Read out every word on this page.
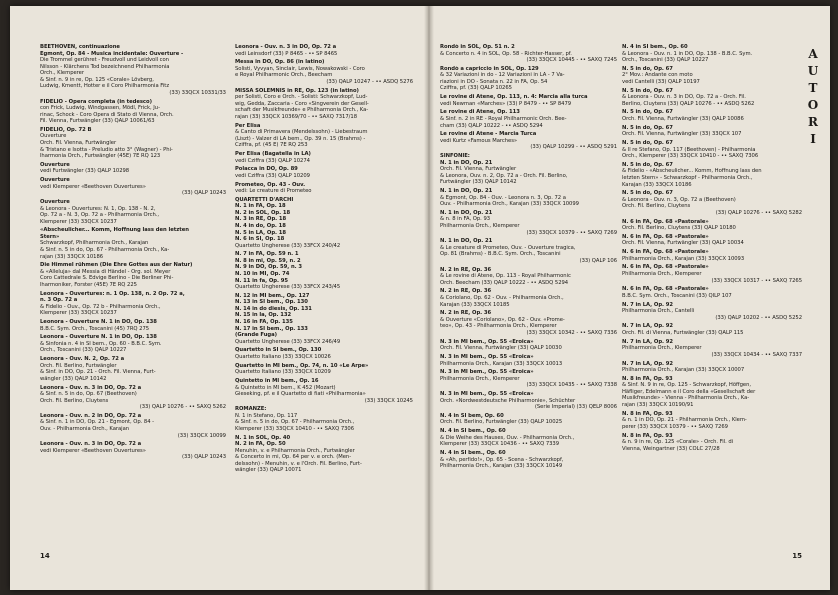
BEETHOVEN, continuazione
Egmont, Op. 84 - Musica incidentale: Ouverture -
Die Trommel gerühret - Freudvoll und Leidvoll con
Nilsson - Klärchens Tod bezeichnend Philharmonia
Orch., Klemperer
& Sinf. n. 9 in re, Op. 125 «Corale» Lövberg,
Ludwig, Kmentt, Hotter e il Coro Philharmonia Fitz
(33) 33QCX 10331/33
FIDELIO - Opera completa (in tedesco)
con Frick, Ludwig, Windgassen, Mödl, Frick, Ju-
rinac, Schock - Coro Opera di Stato di Vienna, Orch.
Fil. Vienna, Furtwängler (33) QALP 10061/63
FIDELIO, Op. 72 B
Ouverture
Orch. Fil. Vienna, Furtwängler
& Tristano e Isotta - Preludio atto 3° (Wagner) - Phi-
lharmonia Orch., Furtwängler (45E) 7E RQ 123
Ouverture
vedi Furtwängler (33) QALP 10298
Ouverture
vedi Klemperer «Beethoven Ouvertures»
(33) QALP 10243
Ouverture
& Leonora - Ouvertures: N. 1, Op. 138 - N. 2,
Op. 72 a - N. 3, Op. 72 a - Philharmonia Orch.,
Klemperer (33) 33QCX 10237
«Abscheulicher... Komm, Hoffnung lass den letzten
Stern»
Schwarzkopf, Philharmonia Orch., Karajan
& Sinf. n. 5 in do, Op. 67 - Philharmonia Orch., Ka-
rajan (33) 33QCX 10186
Die Himmel rühmen (Die Ehre Gottes aus der Natur)
& «Alleluja» dal Messia di Händel - Org. sol. Meyer
Coro Cattedrale S. Edvige Berlino - Die Berliner Phi-
lharmoniker, Forster (45E) 7E RQ 225
Leonora - Ouvertures: n. 1 Op. 138, n. 2 Op. 72 a,
n. 3 Op. 72 a
& Fidelio - Ouv., Op. 72 b - Philharmonia Orch.,
Klemperer (33) 33QCX 10237
Leonora - Ouverture N. 1 in DO, Op. 138
B.B.C. Sym. Orch., Toscanini (45) 7RQ 275
Leonora - Ouverture N. 1 in DO, Op. 138
& Sinfonia n. 4 in SI bem., Op. 60 - B.B.C. Sym.
Orch., Toscanini (33) QALP 10227
Leonora - Ouv. N. 2, Op. 72 a
Orch. Fil. Berlino, Furtwängler
& Sinf. in DO, Op. 21 - Orch. Fil. Vienna, Furt-
wängler (33) QALP 10142
Leonora - Ouv. n. 3 in DO, Op. 72 a
& Sinf. n. 5 in do, Op. 67 (Beethoven)
Orch. Fil. Berlino, Cluytens
(33) QALP 10276 - •• SAXQ 5262
Leonora - Ouv. n. 2 in DO, Op. 72 a
& Sinf. n. 1 in DO, Op. 21 - Egmont, Op. 84 -
Ouv. - Philharmonia Orch., Karajan
(33) 33QCX 10099
Leonora - Ouv. n. 3 in DO, Op. 72 a
vedi Klemperer «Beethoven Ouvertures»
(33) QALP 10243
Leonora - Ouv. n. 3 in DO, Op. 72 a
vedi Leinsdorf (33) P 8465 - •• SP 8465
Messa in DO, Op. 86 (in latino)
Solisti, Vyvyan, Sinclair, Lewis, Nowakowski - Coro
e Royal Philharmonic Orch., Beecham
(33) QALP 10247 - •• ASDQ 5276
MISSA SOLEMNIS in RE, Op. 123 (in latino)
per Solisti, Coro e Orch. - Solisti: Schwarzkopf, Lud-
wig, Gedda, Zaccaria - Coro «Singverein der Gesell-
schaft der Musikfreunde» e Philharmonia Orch., Ka-
rajan (33) 33QCX 10369/70 - •• SAXQ 7317/18
Per Elisa
& Canto di Primavera (Mendelssohn) - Liebestraum
(Liszt) - Valzer di LA bem., Op. 39 n. 15 (Brahms) -
Cziffra, pf. (45 E) 7E RQ 253
Per Elisa (Bagatella in LA)
vedi Cziffra (33) QALP 10274
Polacca in DO, Op. 89
vedi Cziffra (33) QALP 10209
Prometeo, Op. 43 - Ouv.
vedi: Le creature di Prometeo
QUARTETTI D'ARCHI
N. 1 in FA, Op. 18
N. 2 in SOL, Op. 18
N. 3 in RE, Op. 18
N. 4 in do, Op. 18
N. 5 in LA, Op. 18
N. 6 in SI, Op. 18
Quartetto Ungherese (33) 33FCX 240/42
N. 7 in FA, Op. 59 n. 1
N. 8 in mi, Op. 59, n. 2
N. 9 in DO, Op. 59, n. 3
N. 10 in MI, Op. 74
N. 11 in fa, Op. 95
Quartetto Ungherese (33) 33FCX 243/45
N. 12 in MI bem., Op. 127
N. 13 in SI bem., Op. 130
N. 14 in do diesis, Op. 131
N. 15 in la, Op. 132
N. 16 in FA, Op. 135
N. 17 in SI bem., Op. 133
(Grande Fuga)
Quartetto Ungherese (33) 33FCX 246/49
Quartetto in SI bem., Op. 130
Quartetto Italiano (33) 33QCX 10026
Quartetto in MI bem., Op. 74, n. 10 «Le Arpe»
Quartetto Italiano (33) 33QCX 10209
Quintetto in MI bem., Op. 16
& Quintetto in MI bem., K 452 (Mozart)
Gieseking, pf. e il Quartetto di fiati «Philharmonia»
(33) 33QCX 10245
ROMANZE:
N. 1 in Stefano, Op. 117
& Sinf. n. 5 in do, Op. 67 - Philharmonia Orch.,
Klemperer (33) 33QCX 10410 - •• SAXQ 7306
N. 1 in SOL, Op. 40
N. 2 in FA, Op. 50
Menuhin, v. e Philharmonia Orch., Furtwängler
& Concerto in mi, Op. 64 per v. e orch. (Men-
delssohn) - Menuhin, v. e l'Orch. Fil. Berlino, Furt-
wängler (33) QALP 10071
14
Rondò in SOL, Op. 51 n. 2
& Concerto n. 4 in SOL, Op. 58 - Richter-Hasser, pf.
(33) 33QCX 10445 - •• SAXQ 7245
Rondò a capriccio in SOL, Op. 129
& 32 Variazioni in do - 12 Variazioni in LA - 7 Va-
riazioni in DO - Sonata n. 22 in FA, Op. 54
Cziffra, pf. (33) QALP 10265
Le rovine di Atene, Op. 113, n. 4: Marcia alla turca
vedi Newman «Marches» (33) P 8479 - •• SP 8479
Le rovine di Atene, Op. 113
& Sinf. n. 2 in RE - Royal Philharmonic Orch. Bee-
cham (33) QALP 10222 - •• ASDQ 5294
Le rovine di Atene - Marcia Turca
vedi Kurtz «Famous Marches»
(33) QALP 10299 - •• ASDQ 5291
SINFONIE:
N. 1 in DO, Op. 21
Orch. Fil. Vienna, Furtwängler
& Leonora, Ouv. n. 2, Op. 72 a - Orch. Fil. Berlino,
Furtwängler (33) QALP 10142
N. 1 in DO, Op. 21
& Egmont, Op. 84 - Ouv. - Leonora n. 3, Op. 72 a
Ouv. - Philharmonia Orch., Karajan (33) 33QCX 10099
N. 1 in DO, Op. 21
& n. 8 in FA, Op. 93
Philharmonia Orch., Klemperer
(33) 33QCX 10379 - •• SAXQ 7269
N. 1 in DO, Op. 21
& Le creature di Prometeo, Ouv. - Ouverture tragica,
Op. 81 (Brahms) - B.B.C. Sym. Orch., Toscanini
(33) QALP 106
N. 2 in RE, Op. 36
& Le rovine di Atene, Op. 113 - Royal Philharmonic
Orch. Beecham (33) QALP 10222 - •• ASDQ 5294
N. 2 in RE, Op. 36
& Coriolano, Op. 62 - Ouv. - Philharmonia Orch.,
Karajan (33) 33QCX 10185
N. 2 in RE, Op. 36
& Ouverture «Coriolano», Op. 62 - Ouv. «Prome-
teo», Op. 43 - Philharmonia Orch., Klemperer
(33) 33QCX 10342 - •• SAXQ 7336
N. 3 in MI bem., Op. 55 «Eroica»
Orch. Fil. Vienna, Furtwängler (33) QALP 10030
N. 3 in MI bem., Op. 55 «Eroica»
Philharmonia Orch., Karajan (33) 33QCX 10013
N. 3 in MI bem., Op. 55 «Eroica»
Philharmonia Orch., Klemperer
(33) 33QCX 10435 - •• SAXQ 7338
N. 3 in MI bem., Op. 55 «Eroica»
Orch. «Nordwestdeutsche Philharmonie», Schüchter
(Serie Imperial) (33) QELP 8006
N. 4 in SI bem, Op. 60
Orch. Fil. Berlino, Furtwängler (33) QALP 10025
N. 4 in SI bem., Op. 60
& Die Weihe des Hauses, Ouv. - Philharmonia Orch.,
Klemperer (33) 33QCX 10436 - •• SAXQ 7339
N. 4 in SI bem., Op. 60
& «Ah, perfido!», Op. 65 - Scena - Schwarzkopf,
Philharmonia Orch., Karajan (33) 33QCX 10149
N. 4 in SI bem., Op. 60
& Leonora - Ouv. n. 1 in DO, Op. 138 - B.B.C. Sym.
Orch., Toscanini (33) QALP 10227
N. 5 in do, Op. 67
2° Mov.: Andante con moto
vedi Cantelli (33) QALP 10197
N. 5 in do, Op. 67
& Leonora - Ouv. n. 3 in DO, Op. 72 a - Orch. Fil.
Berlino, Cluytens (33) QALP 10276 - •• ASDQ 5262
N. 5 in do, Op. 67
Orch. Fil. Vienna, Furtwängler (33) QALP 10086
N. 5 in do, Op. 67
Orch. Fil. Vienna, Furtwängler (33) 33QCX 107
N. 5 in do, Op. 67
& Il re Stefano, Op. 117 (Beethoven) - Philharmonia
Orch., Klemperer (33) 33QCX 10410 - •• SAXQ 7306
N. 5 in do, Op. 67
& Fidelio - «Abscheulicher... Komm, Hoffnung lass den
letzten Stern» - Schwarzkopf - Philharmonia Orch.,
Karajan (33) 33QCX 10186
N. 5 in do, Op. 67
& Leonora - Ouv. n. 3, Op. 72 a (Beethoven)
Orch. Fil. Berlino, Cluytens
(33) QALP 10276 - •• SAXQ 5282
N. 6 in FA, Op. 68 «Pastorale»
Orch. Fil. Berlino, Cluytens (33) QALP 10180
N. 6 in FA, Op. 68 «Pastorale»
Orch. Fil. Vienna, Furtwängler (33) QALP 10034
N. 6 in FA, Op. 68 «Pastorale»
Philharmonia Orch., Karajan (33) 33QCX 10093
N. 6 in FA, Op. 68 «Pastorale»
Philharmonia Orch., Klemperer
(33) 33QCX 10317 - •• SAXQ 7265
N. 6 in FA, Op. 68 «Pastorale»
B.B.C. Sym. Orch., Toscanini (33) QILP 107
N. 7 in LA, Op. 92
Philharmonia Orch., Cantelli
(33) QALP 10202 - •• ASDQ 5252
N. 7 in LA, Op. 92
Orch. Fil. di Vienna, Furtwängler (33) QALP 115
N. 7 in LA, Op. 92
Philharmonia Orch., Klemperer
(33) 33QCX 10434 - •• SAXQ 7337
N. 7 in LA, Op. 92
Philharmonia Orch., Karajan (33) 33QCX 10007
N. 8 in FA, Op. 93
& Sinf. N. 9 in re, Op. 125 - Schwarzkopf, Höffgen,
Häfliger, Edelmann e il Coro della «Gesellschaft der
Musikfreunde» - Vienna - Philharmonia Orch., Ka-
rajan (33) 33QCX 10190/91
N. 8 in FA, Op. 93
& n. 1 in DO, Op. 21 - Philharmonia Orch., Klem-
perer (33) 33QCX 10379 - •• SAXQ 7269
N. 8 in FA, Op. 93
& n. 9 in re, Op. 125 «Corale» - Orch. Fil. di
Vienna, Weingartner (33) COLC 27/28
15
A
U
T
O
R
I
